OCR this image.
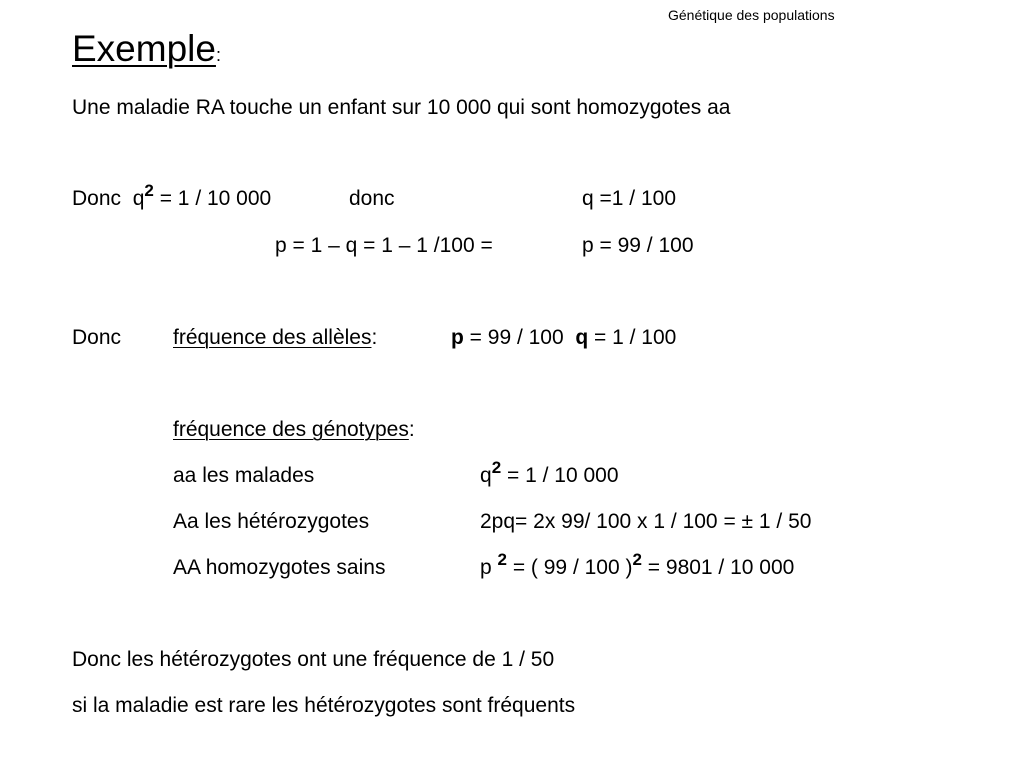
Génétique des populations
Exemple:
Une maladie RA touche un enfant sur 10 000 qui sont homozygotes aa
Donc $q^2 = 1 / 10$ 000	donc	q =1 / 100
p = 1 – q = 1 – 1 /100 =	p = 99 / 100
Donc fréquence des allèles:	p = 99 / 100 q = 1 / 100
fréquence des génotypes:
aa les malades	$q^2 = 1 / 10$ 000
Aa les hétérozygotes	2pq= 2x 99/ 100 x 1 / 100 = ± 1 / 50
AA homozygotes sains	p $^2$ = ( 99 / 100 )$^2$ = 9801 / 10 000
Donc les hétérozygotes ont une fréquence de 1 / 50
si la maladie est rare les hétérozygotes sont fréquents
